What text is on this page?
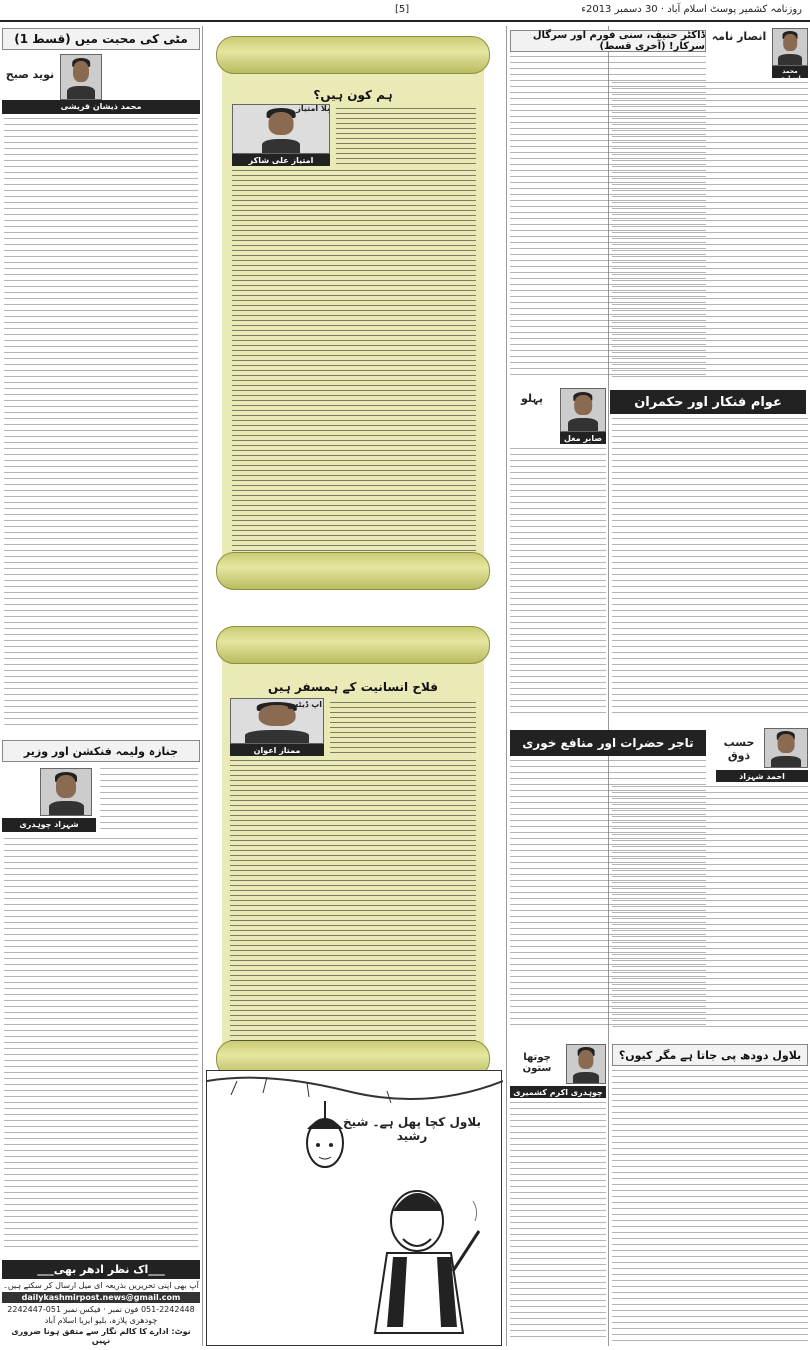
روزنامہ کشمیر پوسٹ اسلام آباد · 30 دسمبر 2013ء
[5]
مٹی کی محبت میں (قسط 1)
نوید صبح
محمد ذیشان قریشی
جنازہ ولیمہ فنکشن اور وزیر
شہزاد چوہدری
___اک نظر ادھر بھی___
آپ بھی اپنی تحریریں بذریعہ ای میل ارسال کر سکتے ہیں۔
dailykashmirpost.news@gmail.com
051-2242448 فون نمبر · فیکس نمبر 051-2242447
چودھری پلازہ، بلیو ایریا اسلام آباد
نوٹ: ادارے کا کالم نگار سے متفق ہونا ضروری نہیں
ہم کون ہیں؟
امتیاز علی شاکر
بلا امتیاز
فلاح انسانیت کے ہمسفر ہیں
اپ ڈیٹس
ممتاز اعوان
بلاول کچا پھل ہے۔ شیخ رشید
انصار نامہ
محمد انصاری
ڈاکٹر حنیف، سنی فورم اور سرگال سرکار! (آخری قسط)
عوام فنکار اور حکمران
پہلو
صابر مغل
حسب ذوق
احمد شہزاد
تاجر حضرات اور منافع خوری
بلاول دودھ پی جاتا ہے مگر کیوں؟
چوتھا ستون
چوہدری اکرم کشمیری
